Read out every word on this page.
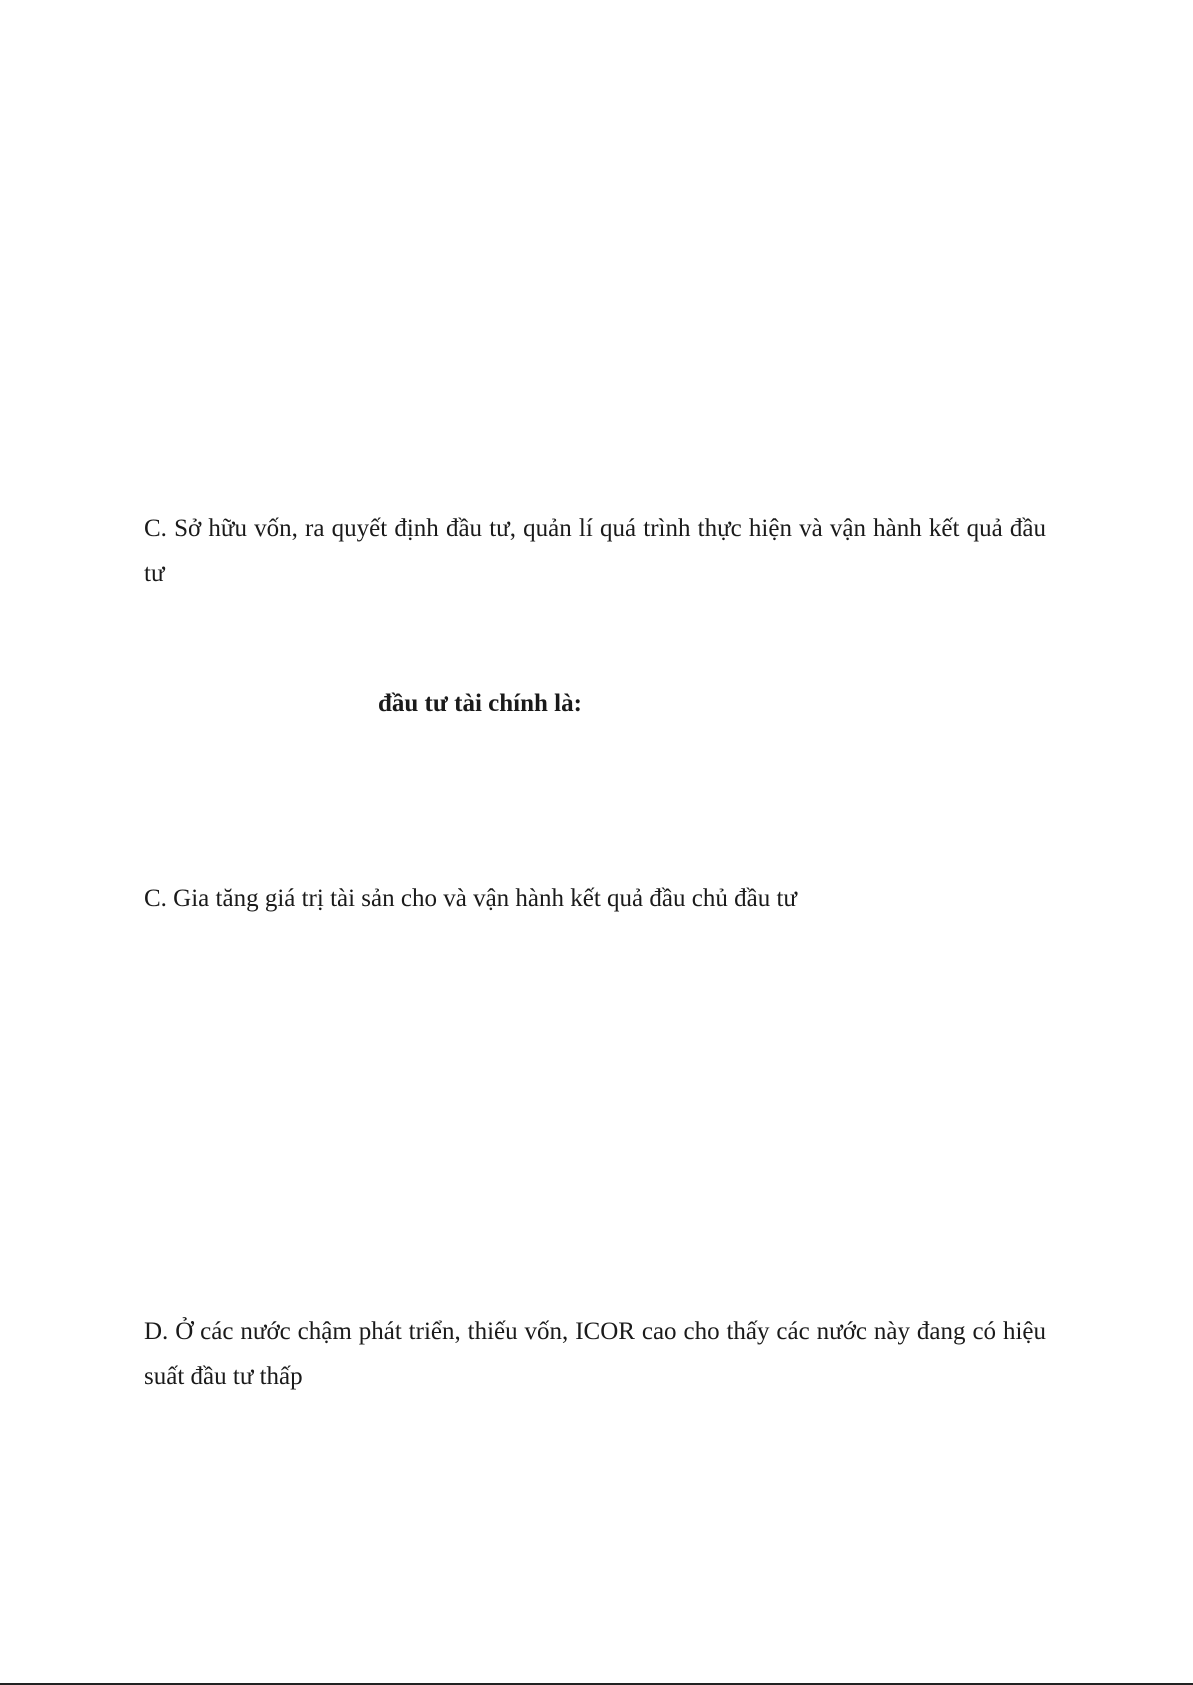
C. Sở hữu vốn, ra quyết định đầu tư, quản lí quá trình thực hiện và vận hành kết quả đầu tư

đầu tư tài chính là:

C. Gia tăng giá trị tài sản cho và vận hành kết quả đầu chủ đầu tư

D. Ở các nước chậm phát triển, thiếu vốn, ICOR cao cho thấy các nước này đang có hiệu suất đầu tư thấp
